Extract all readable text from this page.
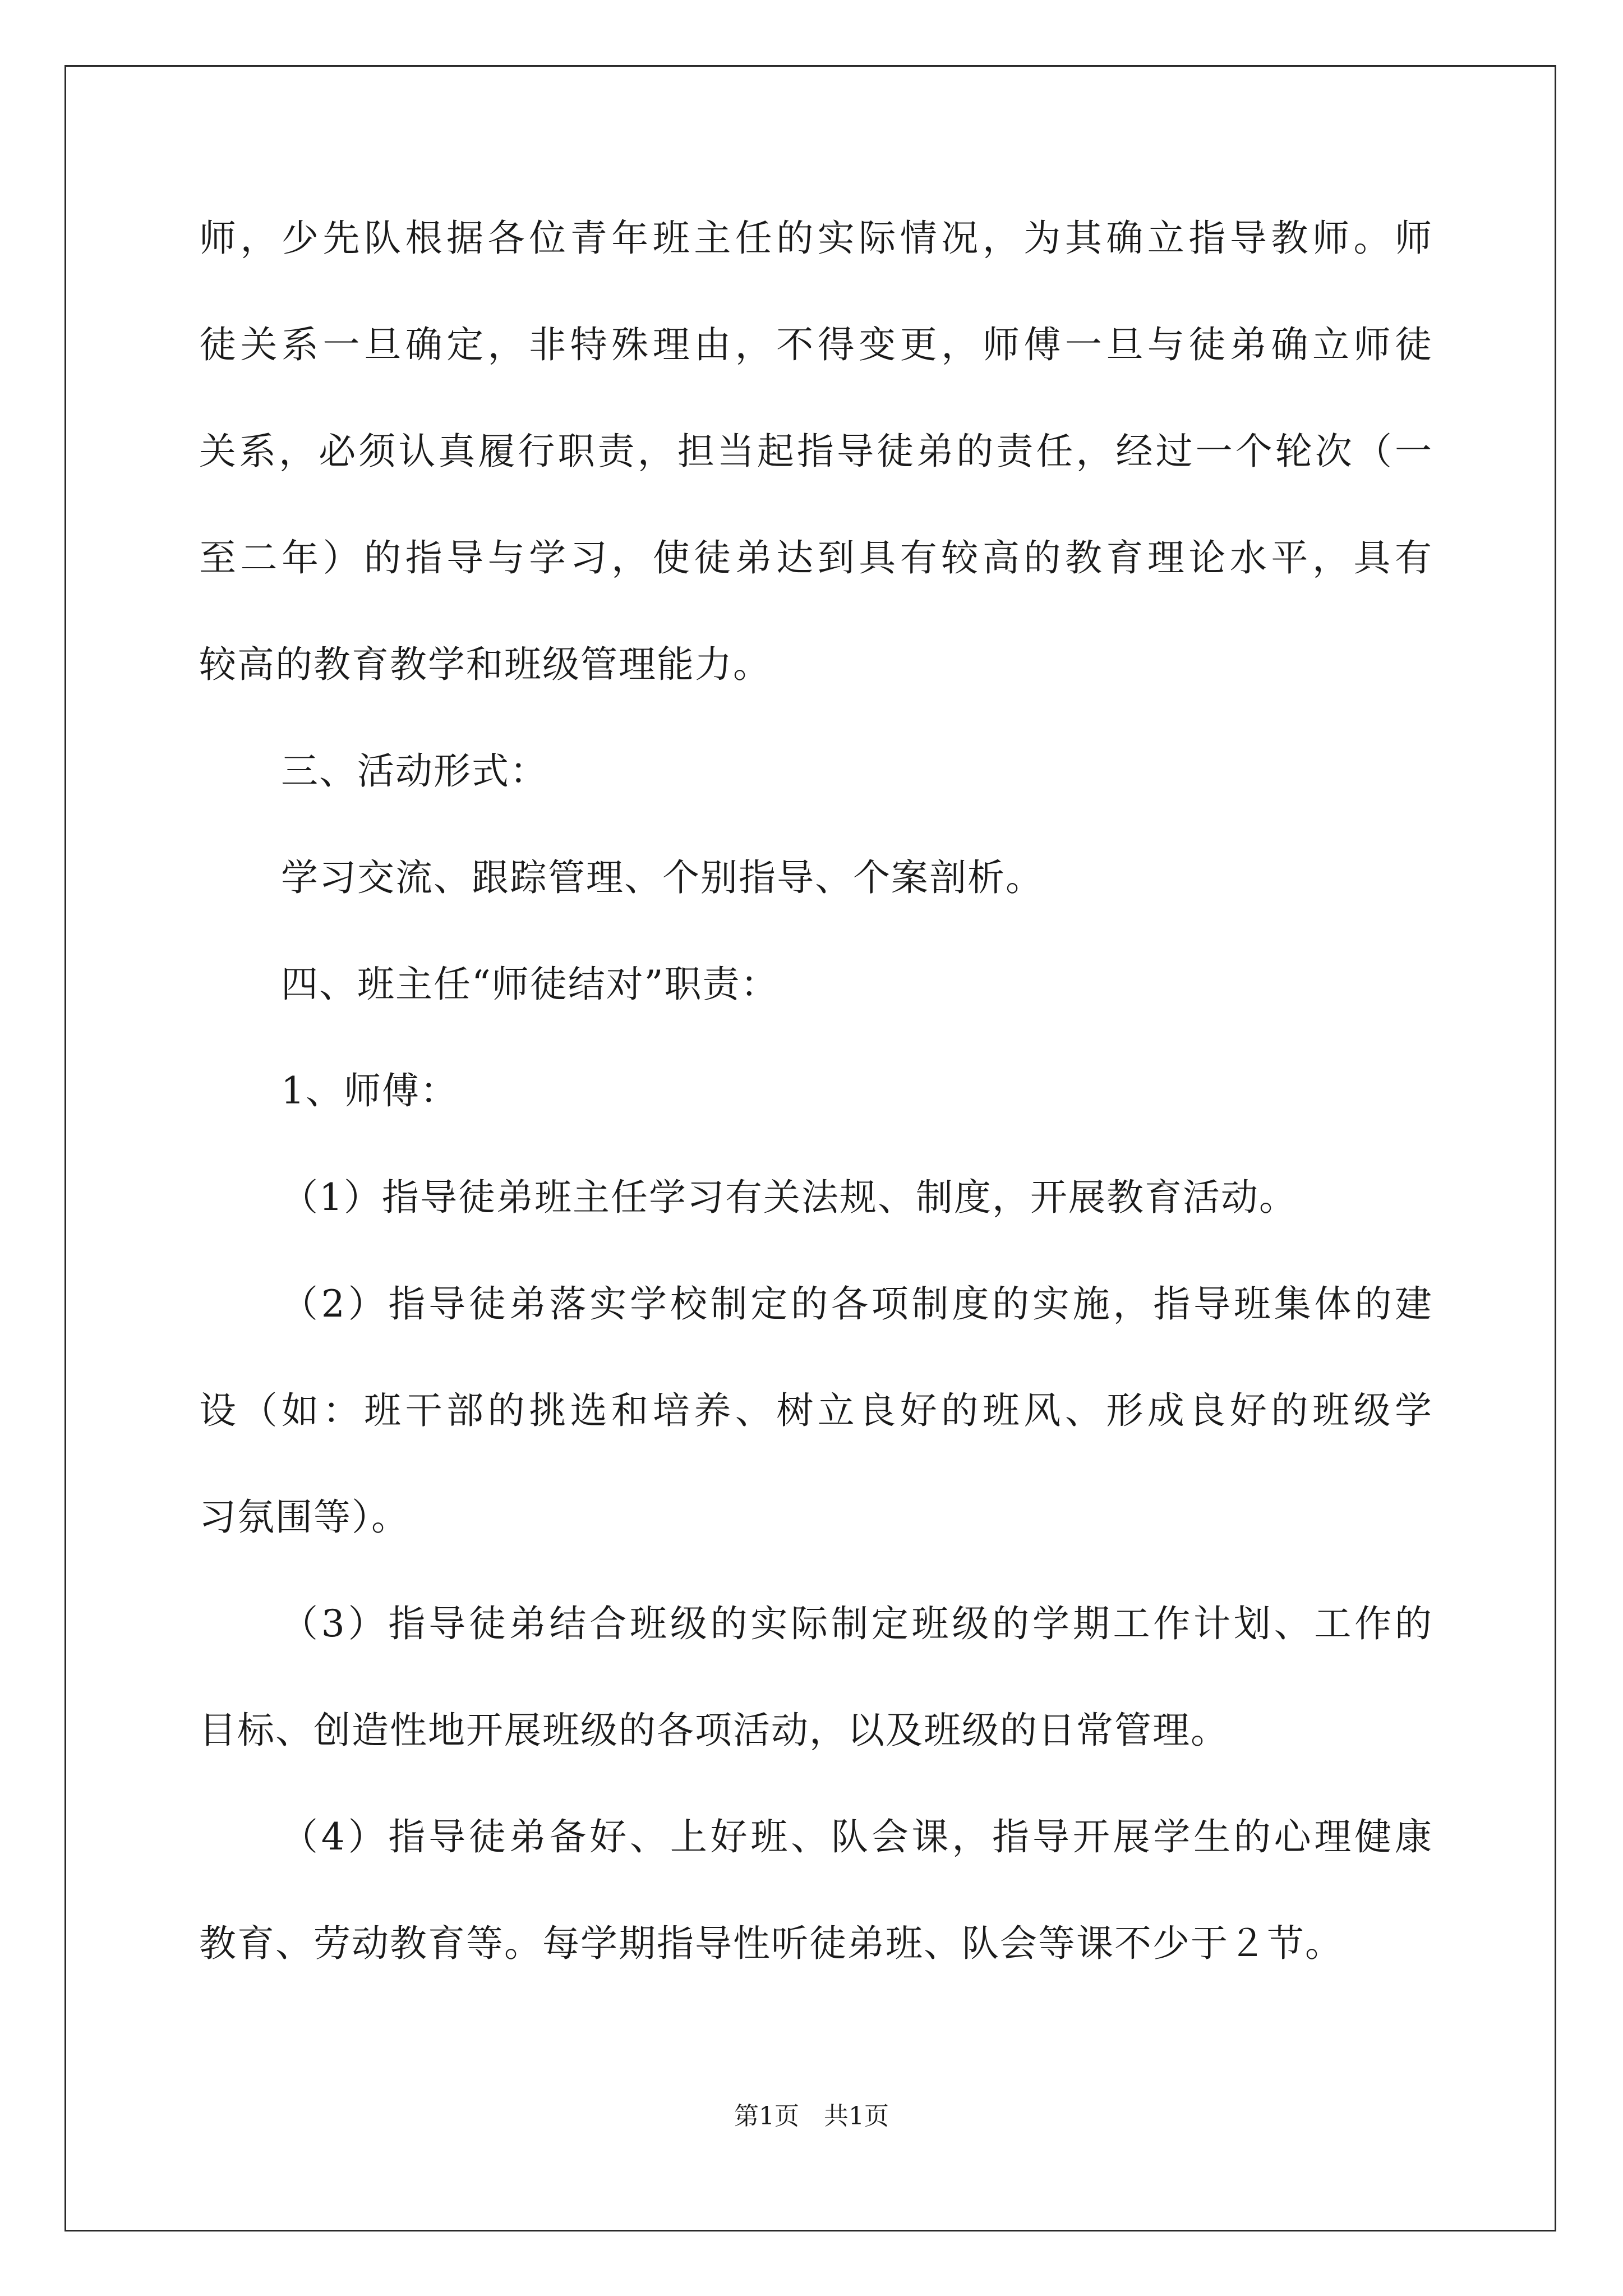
师，少先队根据各位青年班主任的实际情况，为其确立指导教师。师
徒关系一旦确定，非特殊理由，不得变更，师傅一旦与徒弟确立师徒
关系，必须认真履行职责，担当起指导徒弟的责任，经过一个轮次（一
至二年）的指导与学习，使徒弟达到具有较高的教育理论水平，具有
较高的教育教学和班级管理能力。
三、活动形式：
学习交流、跟踪管理、个别指导、个案剖析。
四、班主任“师徒结对”职责：
1、师傅：
（1）指导徒弟班主任学习有关法规、制度，开展教育活动。
（2）指导徒弟落实学校制定的各项制度的实施，指导班集体的建
设（如：班干部的挑选和培养、树立良好的班风、形成良好的班级学
习氛围等）。
（3）指导徒弟结合班级的实际制定班级的学期工作计划、工作的
目标、创造性地开展班级的各项活动，以及班级的日常管理。
（4）指导徒弟备好、上好班、队会课，指导开展学生的心理健康
教育、劳动教育等。每学期指导性听徒弟班、队会等课不少于２节。
第1页　共1页
